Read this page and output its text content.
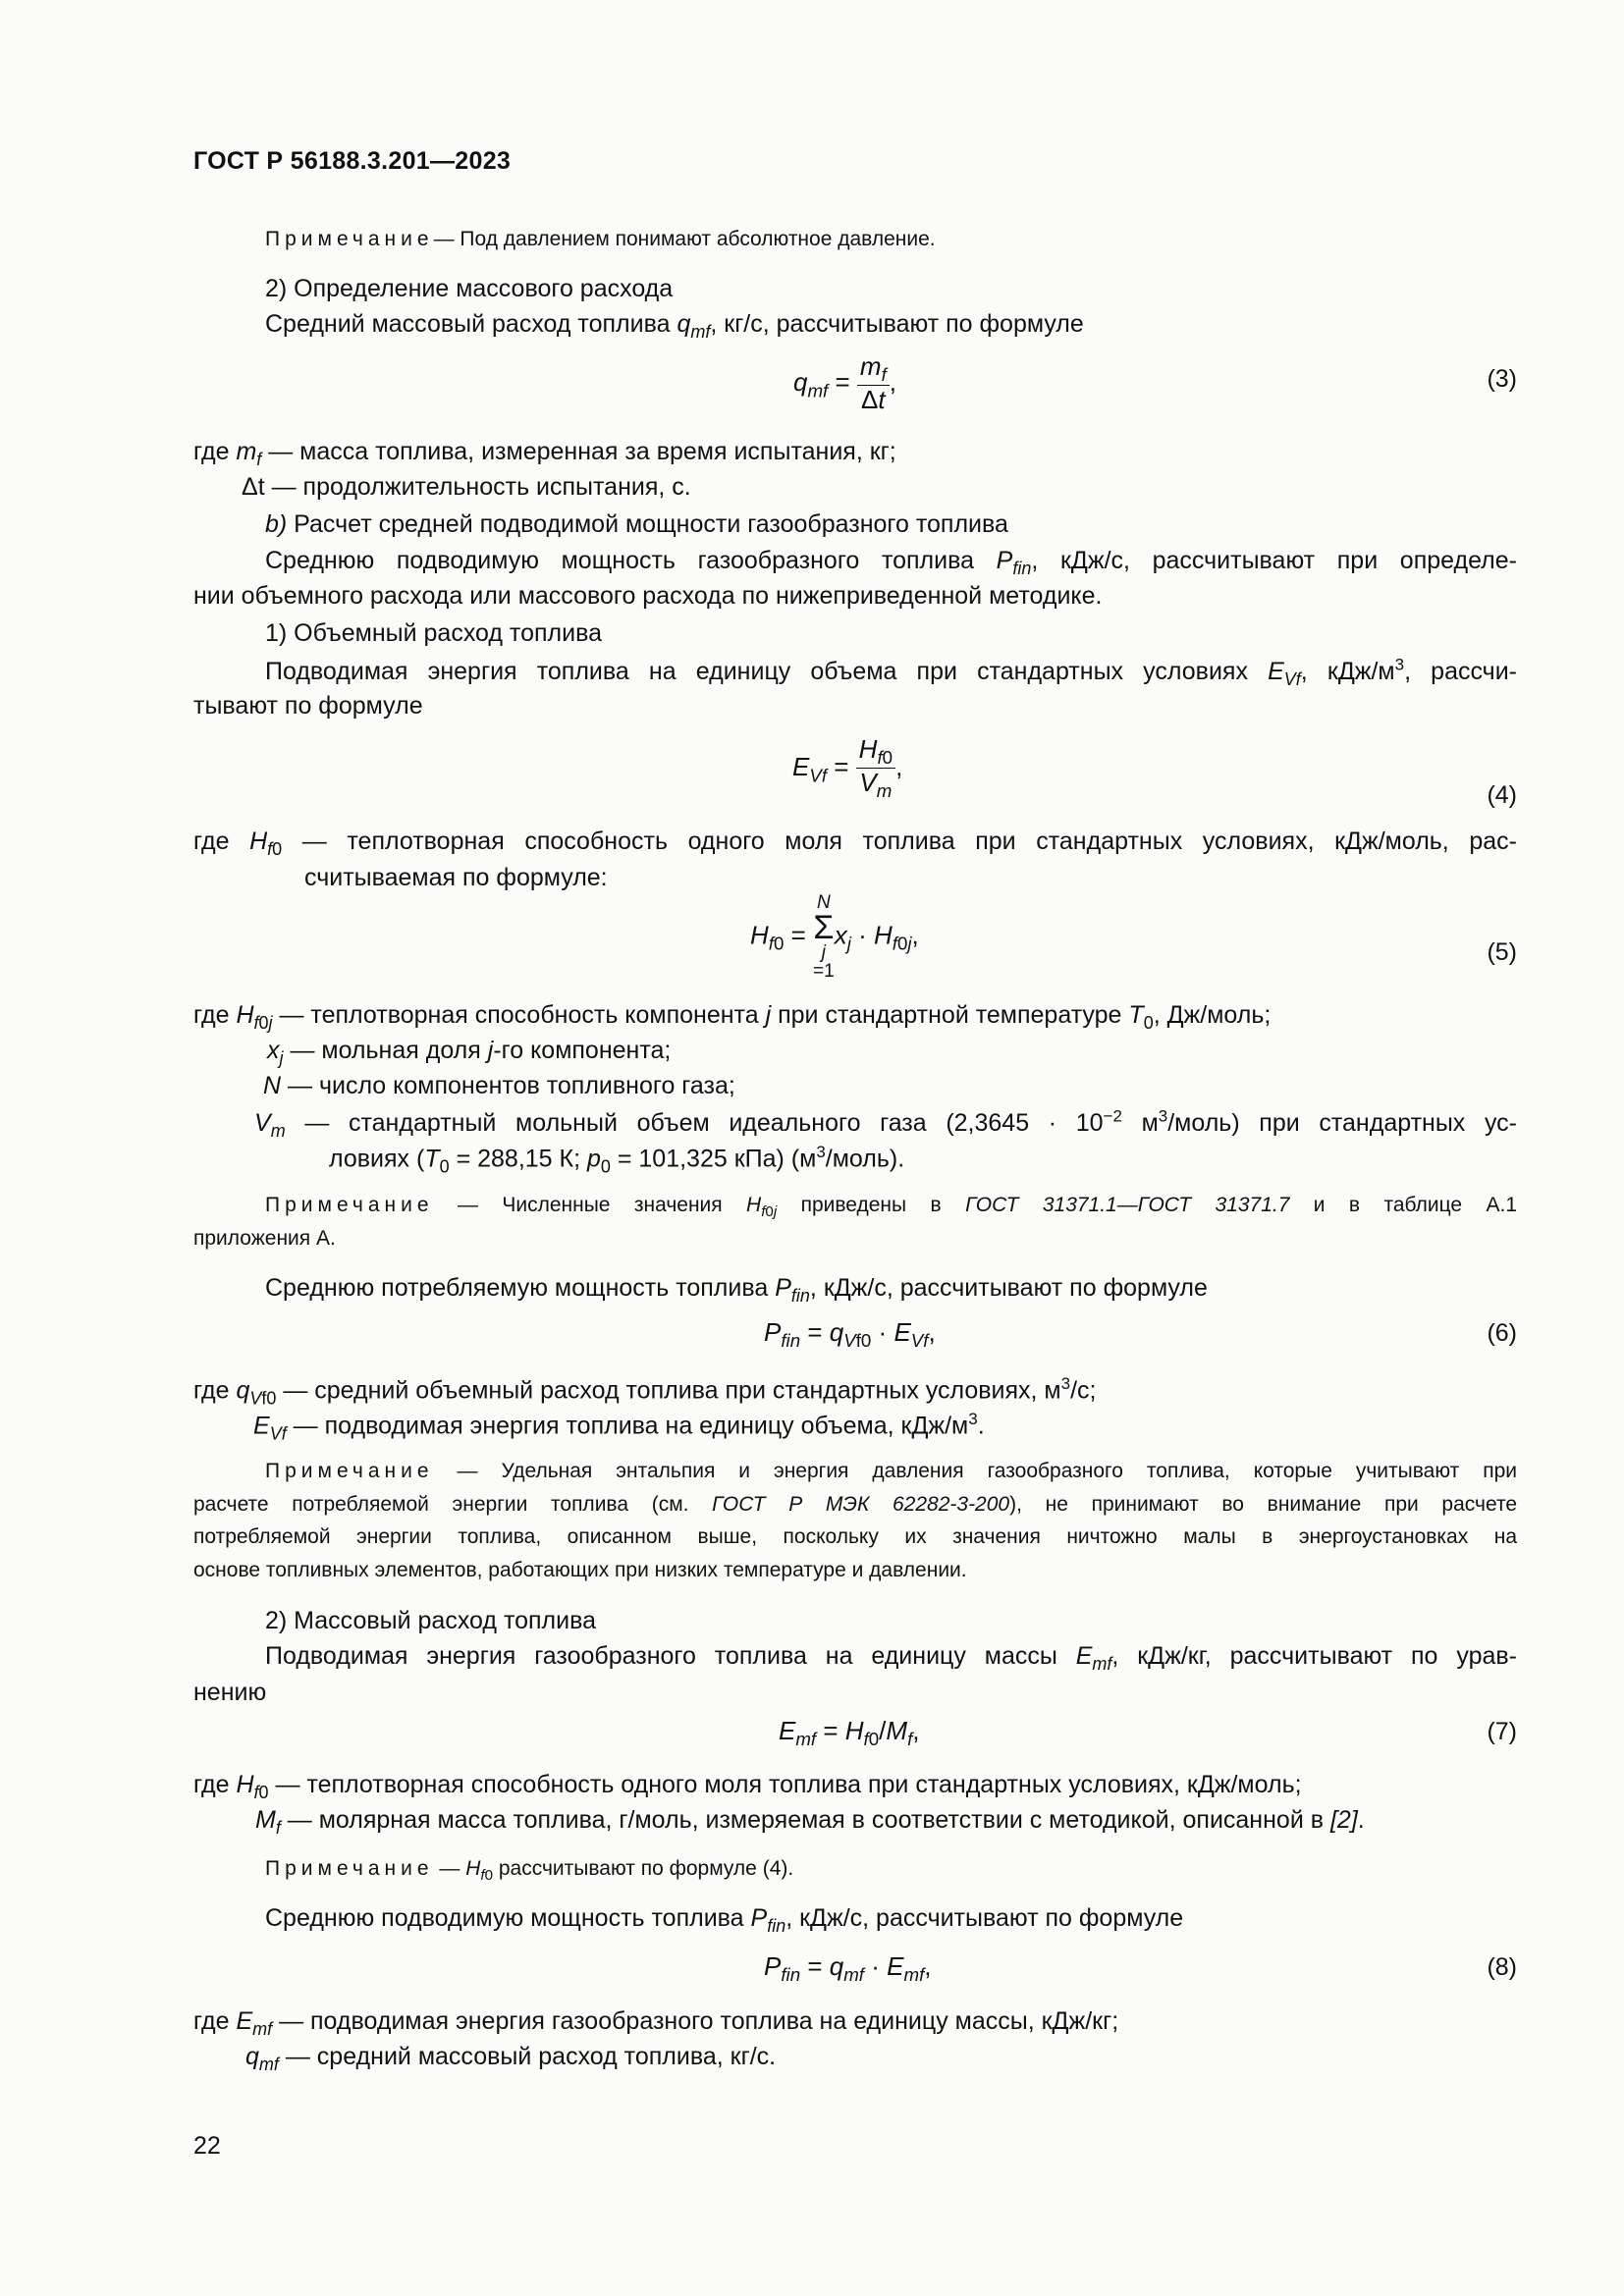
ГОСТ Р 56188.3.201—2023
Примечание— Под давлением понимают абсолютное давление.
2) Определение массового расхода
Средний массовый расход топлива $q_{mf}$, кг/с, рассчитывают по формуле
$q_{mf} = \frac{m_f}{\Delta t}$ ,	(3)
где $m_f$ — масса топлива, измеренная за время испытания, кг;
Δt — продолжительность испытания, с.
b) Расчет средней подводимой мощности газообразного топлива
Среднюю подводимую мощность газообразного топлива $P_{fin}$, кДж/с, рассчитывают при определе-
нии объемного расхода или массового расхода по нижеприведенной методике.
1) Объемный расход топлива
Подводимая энергия топлива на единицу объема при стандартных условиях $E_{Vf}$, кДж/$м^3$, рассчи-
тывают по формуле
$E_{Vf} = \frac{H_{f0}}{V_m}$ ,
(4)
где $H_{f0}$ — теплотворная способность одного моля топлива при стандартных условиях, кДж/моль, рас-
считываемая по формуле:
$H_{f0}$ =
N
Σ
j
=1
$x_j \cdot H_{f0j}$,
(5)
где $H_{f0j}$ — теплотворная способность компонента j при стандартной температуре $T_0$, Дж/моль;
$x_j$ — мольная доля j-го компонента;
N — число компонентов топливного газа;
$V_m$ — стандартный мольный объем идеального газа ($2,3645 \cdot 10^{-2}$ $м^3/моль$) при стандартных ус-
ловиях ($T_0 = 288,15$ К; $p_0 = 101,325$ кПа) $(м^3/моль)$.
Примечание — Численные значения $H_{f0j}$ приведены в ГОСТ 31371.1—ГОСТ 31371.7 и в таблице А.1
приложения А.
Среднюю потребляемую мощность топлива $P_{fin}$, кДж/с, рассчитывают по формуле
$P_{fin} = q_{Vf0} \cdot E_{Vf}$,	(6)
где $q_{Vf0}$ — средний объемный расход топлива при стандартных условиях, $м^3/с$;
$E_{Vf}$ — подводимая энергия топлива на единицу объема, кДж/$м^3$.
Примечание — Удельная энтальпия и энергия давления газообразного топлива, которые учитывают при
расчете потребляемой энергии топлива (см. ГОСТ Р МЭК 62282-3-200), не принимают во внимание при расчете
потребляемой энергии топлива, описанном выше, поскольку их значения ничтожно малы в энергоустановках на
основе топливных элементов, работающих при низких температуре и давлении.
2) Массовый расход топлива
Подводимая энергия газообразного топлива на единицу массы $E_{mf}$, кДж/кг, рассчитывают по урав-
нению
$E_{mf} = H_{f0}/M_f$,	(7)
где $H_{f0}$ — теплотворная способность одного моля топлива при стандартных условиях, кДж/моль;
$M_f$ — молярная масса топлива, г/моль, измеряемая в соответствии с методикой, описанной в [2].
Примечание — $H_{f0}$ рассчитывают по формуле (4).
Среднюю подводимую мощность топлива $P_{fin}$, кДж/с, рассчитывают по формуле
$P_{fin} = q_{mf} \cdot E_{mf}$,	(8)
где $E_{mf}$ — подводимая энергия газообразного топлива на единицу массы, кДж/кг;
$q_{mf}$ — средний массовый расход топлива, кг/с.
22
